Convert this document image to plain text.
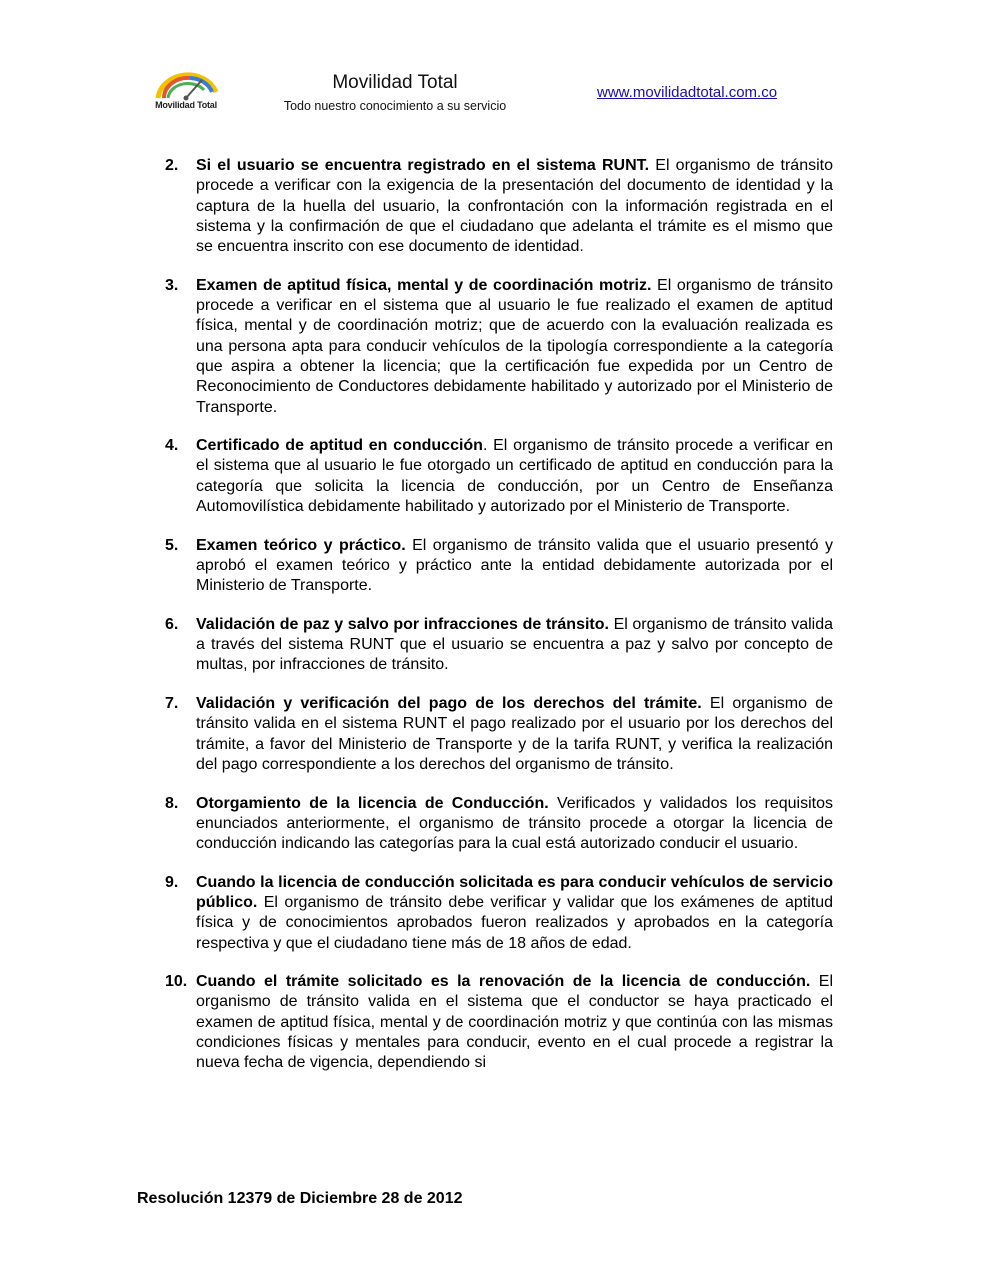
Movilidad Total
Movilidad Total
Todo nuestro conocimiento a su servicio
www.movilidadtotal.com.co
2. Si el usuario se encuentra registrado en el sistema RUNT. El organismo de tránsito procede a verificar con la exigencia de la presentación del documento de identidad y la captura de la huella del usuario, la confrontación con la información registrada en el sistema y la confirmación de que el ciudadano que adelanta el trámite es el mismo que se encuentra inscrito con ese documento de identidad.
3. Examen de aptitud física, mental y de coordinación motriz. El organismo de tránsito procede a verificar en el sistema que al usuario le fue realizado el examen de aptitud física, mental y de coordinación motriz; que de acuerdo con la evaluación realizada es una persona apta para conducir vehículos de la tipología correspondiente a la categoría que aspira a obtener la licencia; que la certificación fue expedida por un Centro de Reconocimiento de Conductores debidamente habilitado y autorizado por el Ministerio de Transporte.
4. Certificado de aptitud en conducción. El organismo de tránsito procede a verificar en el sistema que al usuario le fue otorgado un certificado de aptitud en conducción para la categoría que solicita la licencia de conducción, por un Centro de Enseñanza Automovilística debidamente habilitado y autorizado por el Ministerio de Transporte.
5. Examen teórico y práctico. El organismo de tránsito valida que el usuario presentó y aprobó el examen teórico y práctico ante la entidad debidamente autorizada por el Ministerio de Transporte.
6. Validación de paz y salvo por infracciones de tránsito. El organismo de tránsito valida a través del sistema RUNT que el usuario se encuentra a paz y salvo por concepto de multas, por infracciones de tránsito.
7. Validación y verificación del pago de los derechos del trámite. El organismo de tránsito valida en el sistema RUNT el pago realizado por el usuario por los derechos del trámite, a favor del Ministerio de Transporte y de la tarifa RUNT, y verifica la realización del pago correspondiente a los derechos del organismo de tránsito.
8. Otorgamiento de la licencia de Conducción. Verificados y validados los requisitos enunciados anteriormente, el organismo de tránsito procede a otorgar la licencia de conducción indicando las categorías para la cual está autorizado conducir el usuario.
9. Cuando la licencia de conducción solicitada es para conducir vehículos de servicio público. El organismo de tránsito debe verificar y validar que los exámenes de aptitud física y de conocimientos aprobados fueron realizados y aprobados en la categoría respectiva y que el ciudadano tiene más de 18 años de edad.
10. Cuando el trámite solicitado es la renovación de la licencia de conducción. El organismo de tránsito valida en el sistema que el conductor se haya practicado el examen de aptitud física, mental y de coordinación motriz y que continúa con las mismas condiciones físicas y mentales para conducir, evento en el cual procede a registrar la nueva fecha de vigencia, dependiendo si
Resolución 12379 de Diciembre 28 de 2012
